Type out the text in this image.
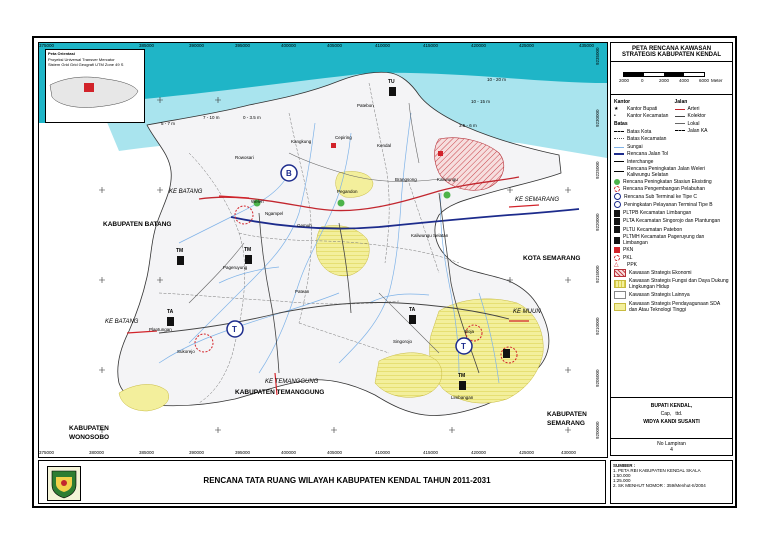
Peta Orientasi
Proyeksi Universal Transver Mercator
Sistem Grid Grid Geografi UTM Zone 49 S
375000	385000	390000	395000	400000	405000	410000	415000	420000	425000	435000
375000	380000	385000	390000	395000	400000	405000	410000	415000	420000	425000	430000
9235000
9230000
9225000
9220000
9215000
9210000
9205000
9200000
KABUPATEN BATANG
KOTA SEMARANG
KABUPATEN TEMANGGUNG
KABUPATEN
WONOSOBO
KABUPATEN
SEMARANG
KE BATANG
KE BATANG
KE SEMARANG
KE MUUN
KE TEMANGGUNG
10 - 20 m
7 - 10 m	0 - 3.5 m
10 - 15 m
3.5 - 6 m
5 - 7 m
Patebon
Kangkung
Cepiring
Rowosari
Kendal
Brangsong	Kaliwungu
Pegandon
Gemuh
Ngampel
Weleri
Kaliwungu Selatan
Plantungan
Sukorejo
Pageruyung
Singorojo
Limbangan
Boja
Patean
B
T
T
TU
TM	TM
TA	TA
TM
PETA RENCANA KAWASAN
STRATEGIS KABUPATEN KENDAL
2000	0	2000 4000 6000 Meter
Kantor
★	Kantor Bupati
•	Kantor Kecamatan
Batas
Batas Kota
Batas Kecamatan
Jalan
Arteri
Kolektor
Lokal
Jalan KA
Sungai
Rencana Jalan Tol
Interchange
Rencana Peningkatan Jalan Weleri Kaliwungu Selatan
Rencana Peningkatan Stasiun Eksisting
Rencana Pengembangan Pelabuhan
Rencana Sub Terminal ke Tipe C
Peningkatan Pelayanan Terminal Tipe B
PLTPB Kecamatan Limbangan
PLTA Kecamatan Singorojo dan Plantungan
PLTU Kecamatan Patebon
PLTMH Kecamatan Pageruyung dan Limbangan
PKN
PKL
△	PPK
Kawasan Strategis Ekonomi
Kawasan Strategis Fungsi dan Daya Dukung Lingkungan Hidup
Kawasan Strategis Lainnya
Kawasan Strategis Pendayagunaan SDA dan Atau Teknologi Tinggi
BUPATI KENDAL,
Cap, ttd.
WIDYA KANDI SUSANTI
No Lampiran
4
RENCANA TATA RUANG WILAYAH KABUPATEN KENDAL TAHUN 2011-2031
SUMBER :
1. PETA RBI KABUPATEN KENDAL SKALA
1:50.000
1:25.000
2. SK MENHUT NOMOR : 359/Menhut-II/2004
